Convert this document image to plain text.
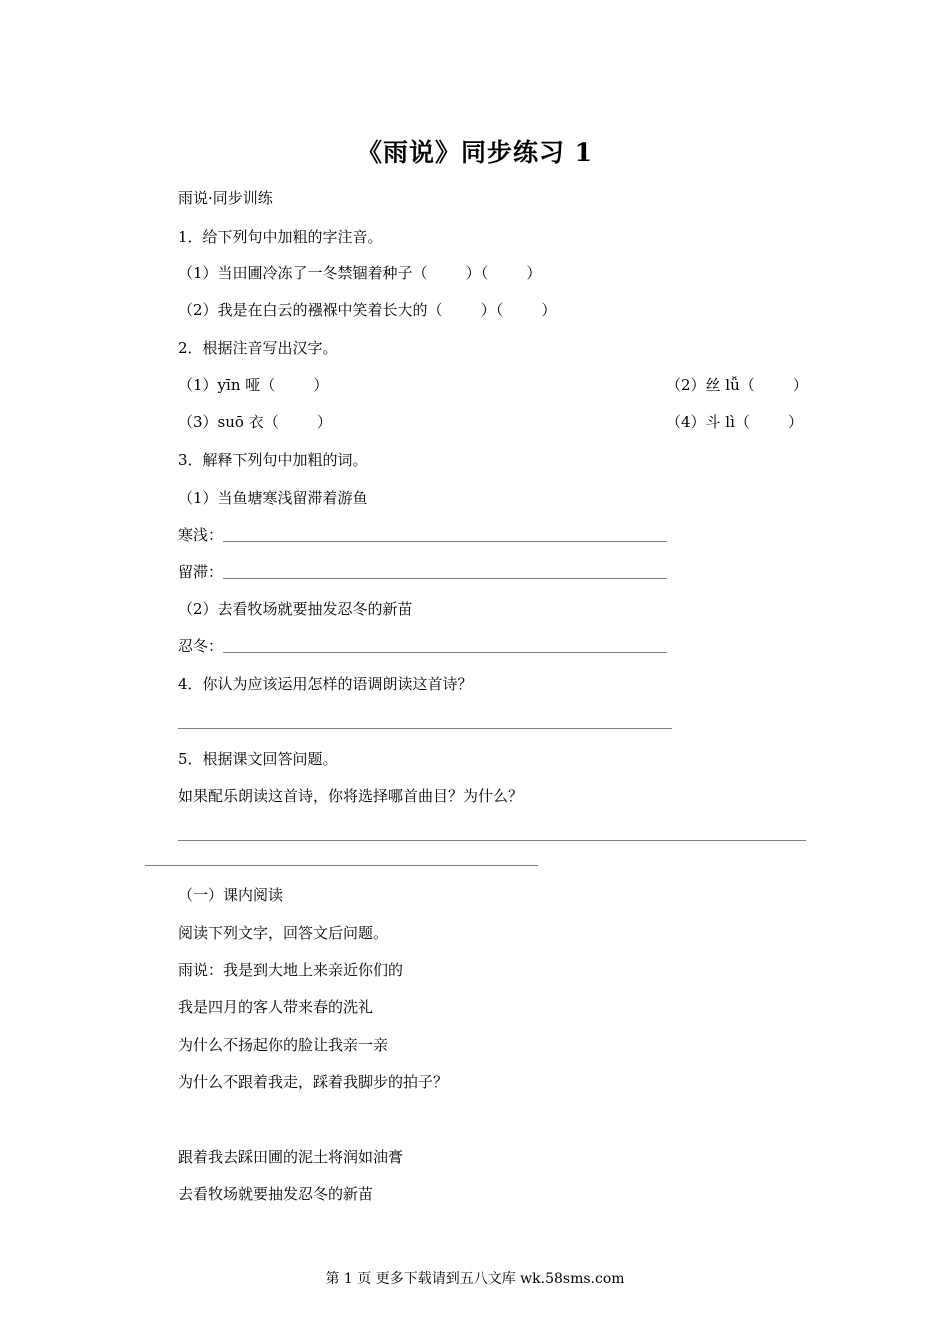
《雨说》同步练习 1
雨说·同步训练
1．给下列句中加粗的字注音。
（1）当田圃冷冻了一冬禁锢着种子（        ）（        ）
（2）我是在白云的襁褓中笑着长大的（        ）（        ）
2．根据注音写出汉字。
（1）yīn 哑（        ）	（2）丝 lǚ（        ）
（3）suō 衣（        ）	（4）斗 lì（        ）
3．解释下列句中加粗的词。
（1）当鱼塘寒浅留滞着游鱼
寒浅：
留滞：
（2）去看牧场就要抽发忍冬的新苗
忍冬：
4．你认为应该运用怎样的语调朗读这首诗？
5．根据课文回答问题。
如果配乐朗读这首诗，你将选择哪首曲目？为什么？
（一）课内阅读
阅读下列文字，回答文后问题。
雨说：我是到大地上来亲近你们的
我是四月的客人带来春的洗礼
为什么不扬起你的脸让我亲一亲
为什么不跟着我走，踩着我脚步的拍子？
跟着我去踩田圃的泥土将润如油膏
去看牧场就要抽发忍冬的新苗
第 1 页 更多下载请到五八文库 wk.58sms.com
